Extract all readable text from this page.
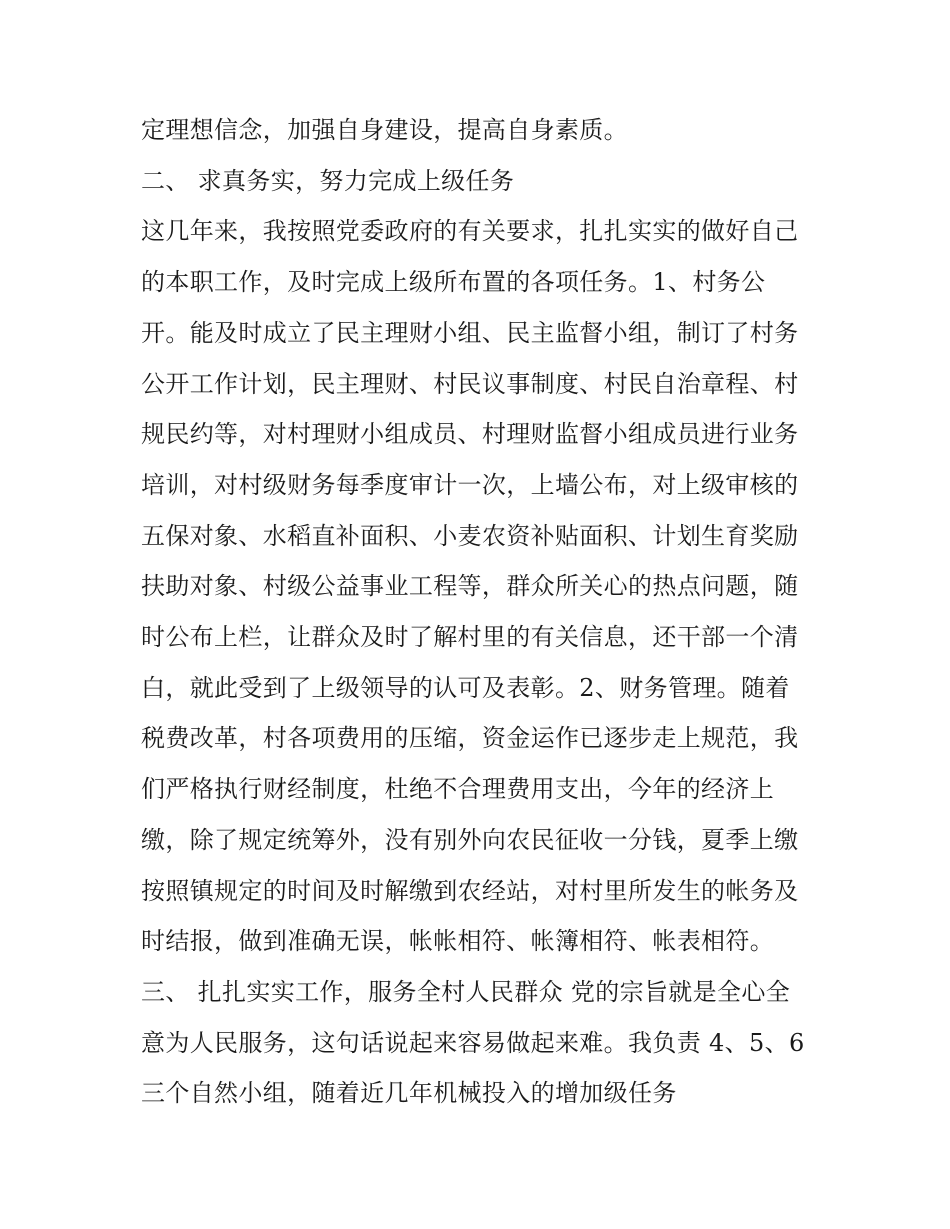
定理想信念，加强自身建设，提高自身素质。
二、 求真务实，努力完成上级任务
这几年来，我按照党委政府的有关要求，扎扎实实的做好自己
的本职工作，及时完成上级所布置的各项任务。1、村务公
开。能及时成立了民主理财小组、民主监督小组，制订了村务
公开工作计划，民主理财、村民议事制度、村民自治章程、村
规民约等，对村理财小组成员、村理财监督小组成员进行业务
培训，对村级财务每季度审计一次，上墙公布，对上级审核的
五保对象、水稻直补面积、小麦农资补贴面积、计划生育奖励
扶助对象、村级公益事业工程等，群众所关心的热点问题，随
时公布上栏，让群众及时了解村里的有关信息，还干部一个清
白，就此受到了上级领导的认可及表彰。2、财务管理。随着
税费改革，村各项费用的压缩，资金运作已逐步走上规范，我
们严格执行财经制度，杜绝不合理费用支出，今年的经济上
缴，除了规定统筹外，没有别外向农民征收一分钱，夏季上缴
按照镇规定的时间及时解缴到农经站，对村里所发生的帐务及
时结报，做到准确无误，帐帐相符、帐簿相符、帐表相符。
三、 扎扎实实工作，服务全村人民群众 党的宗旨就是全心全
意为人民服务，这句话说起来容易做起来难。我负责 4、5、6
三个自然小组，随着近几年机械投入的增加级任务
